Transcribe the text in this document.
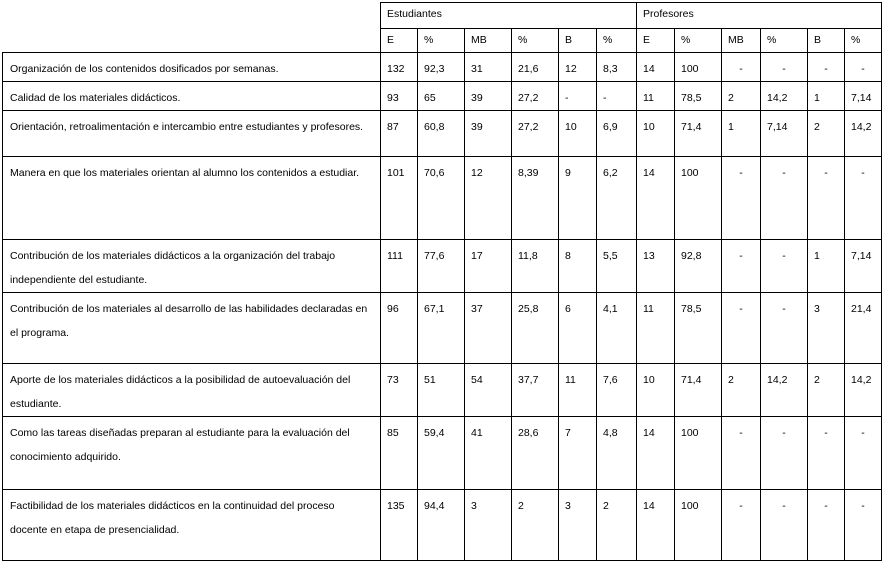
	Estudiantes						Profesores					
	E	%	MB	%	B	%	E	%	MB	%	B	%
Organización de los contenidos dosificados por semanas.	132	92,3	31	21,6	12	8,3	14	100	-	-	-	-
Calidad de los materiales didácticos.	93	65	39	27,2	-	-	11	78,5	2	14,2	1	7,14
Orientación, retroalimentación e intercambio entre estudiantes y profesores.	87	60,8	39	27,2	10	6,9	10	71,4	1	7,14	2	14,2
Manera en que los materiales orientan al alumno los contenidos a estudiar.	101	70,6	12	8,39	9	6,2	14	100	-	-	-	-
Contribución de los materiales didácticos a la organización del trabajo independiente del estudiante.	111	77,6	17	11,8	8	5,5	13	92,8	-	-	1	7,14
Contribución de los materiales al desarrollo de las habilidades declaradas en el programa.	96	67,1	37	25,8	6	4,1	11	78,5	-	-	3	21,4
Aporte de los materiales didácticos a la posibilidad de autoevaluación del estudiante.	73	51	54	37,7	11	7,6	10	71,4	2	14,2	2	14,2
Como las tareas diseñadas preparan al estudiante para la evaluación del conocimiento adquirido.	85	59,4	41	28,6	7	4,8	14	100	-	-	-	-
Factibilidad de los materiales didácticos en la continuidad del proceso docente en etapa de presencialidad.	135	94,4	3	2	3	2	14	100	-	-	-	-
